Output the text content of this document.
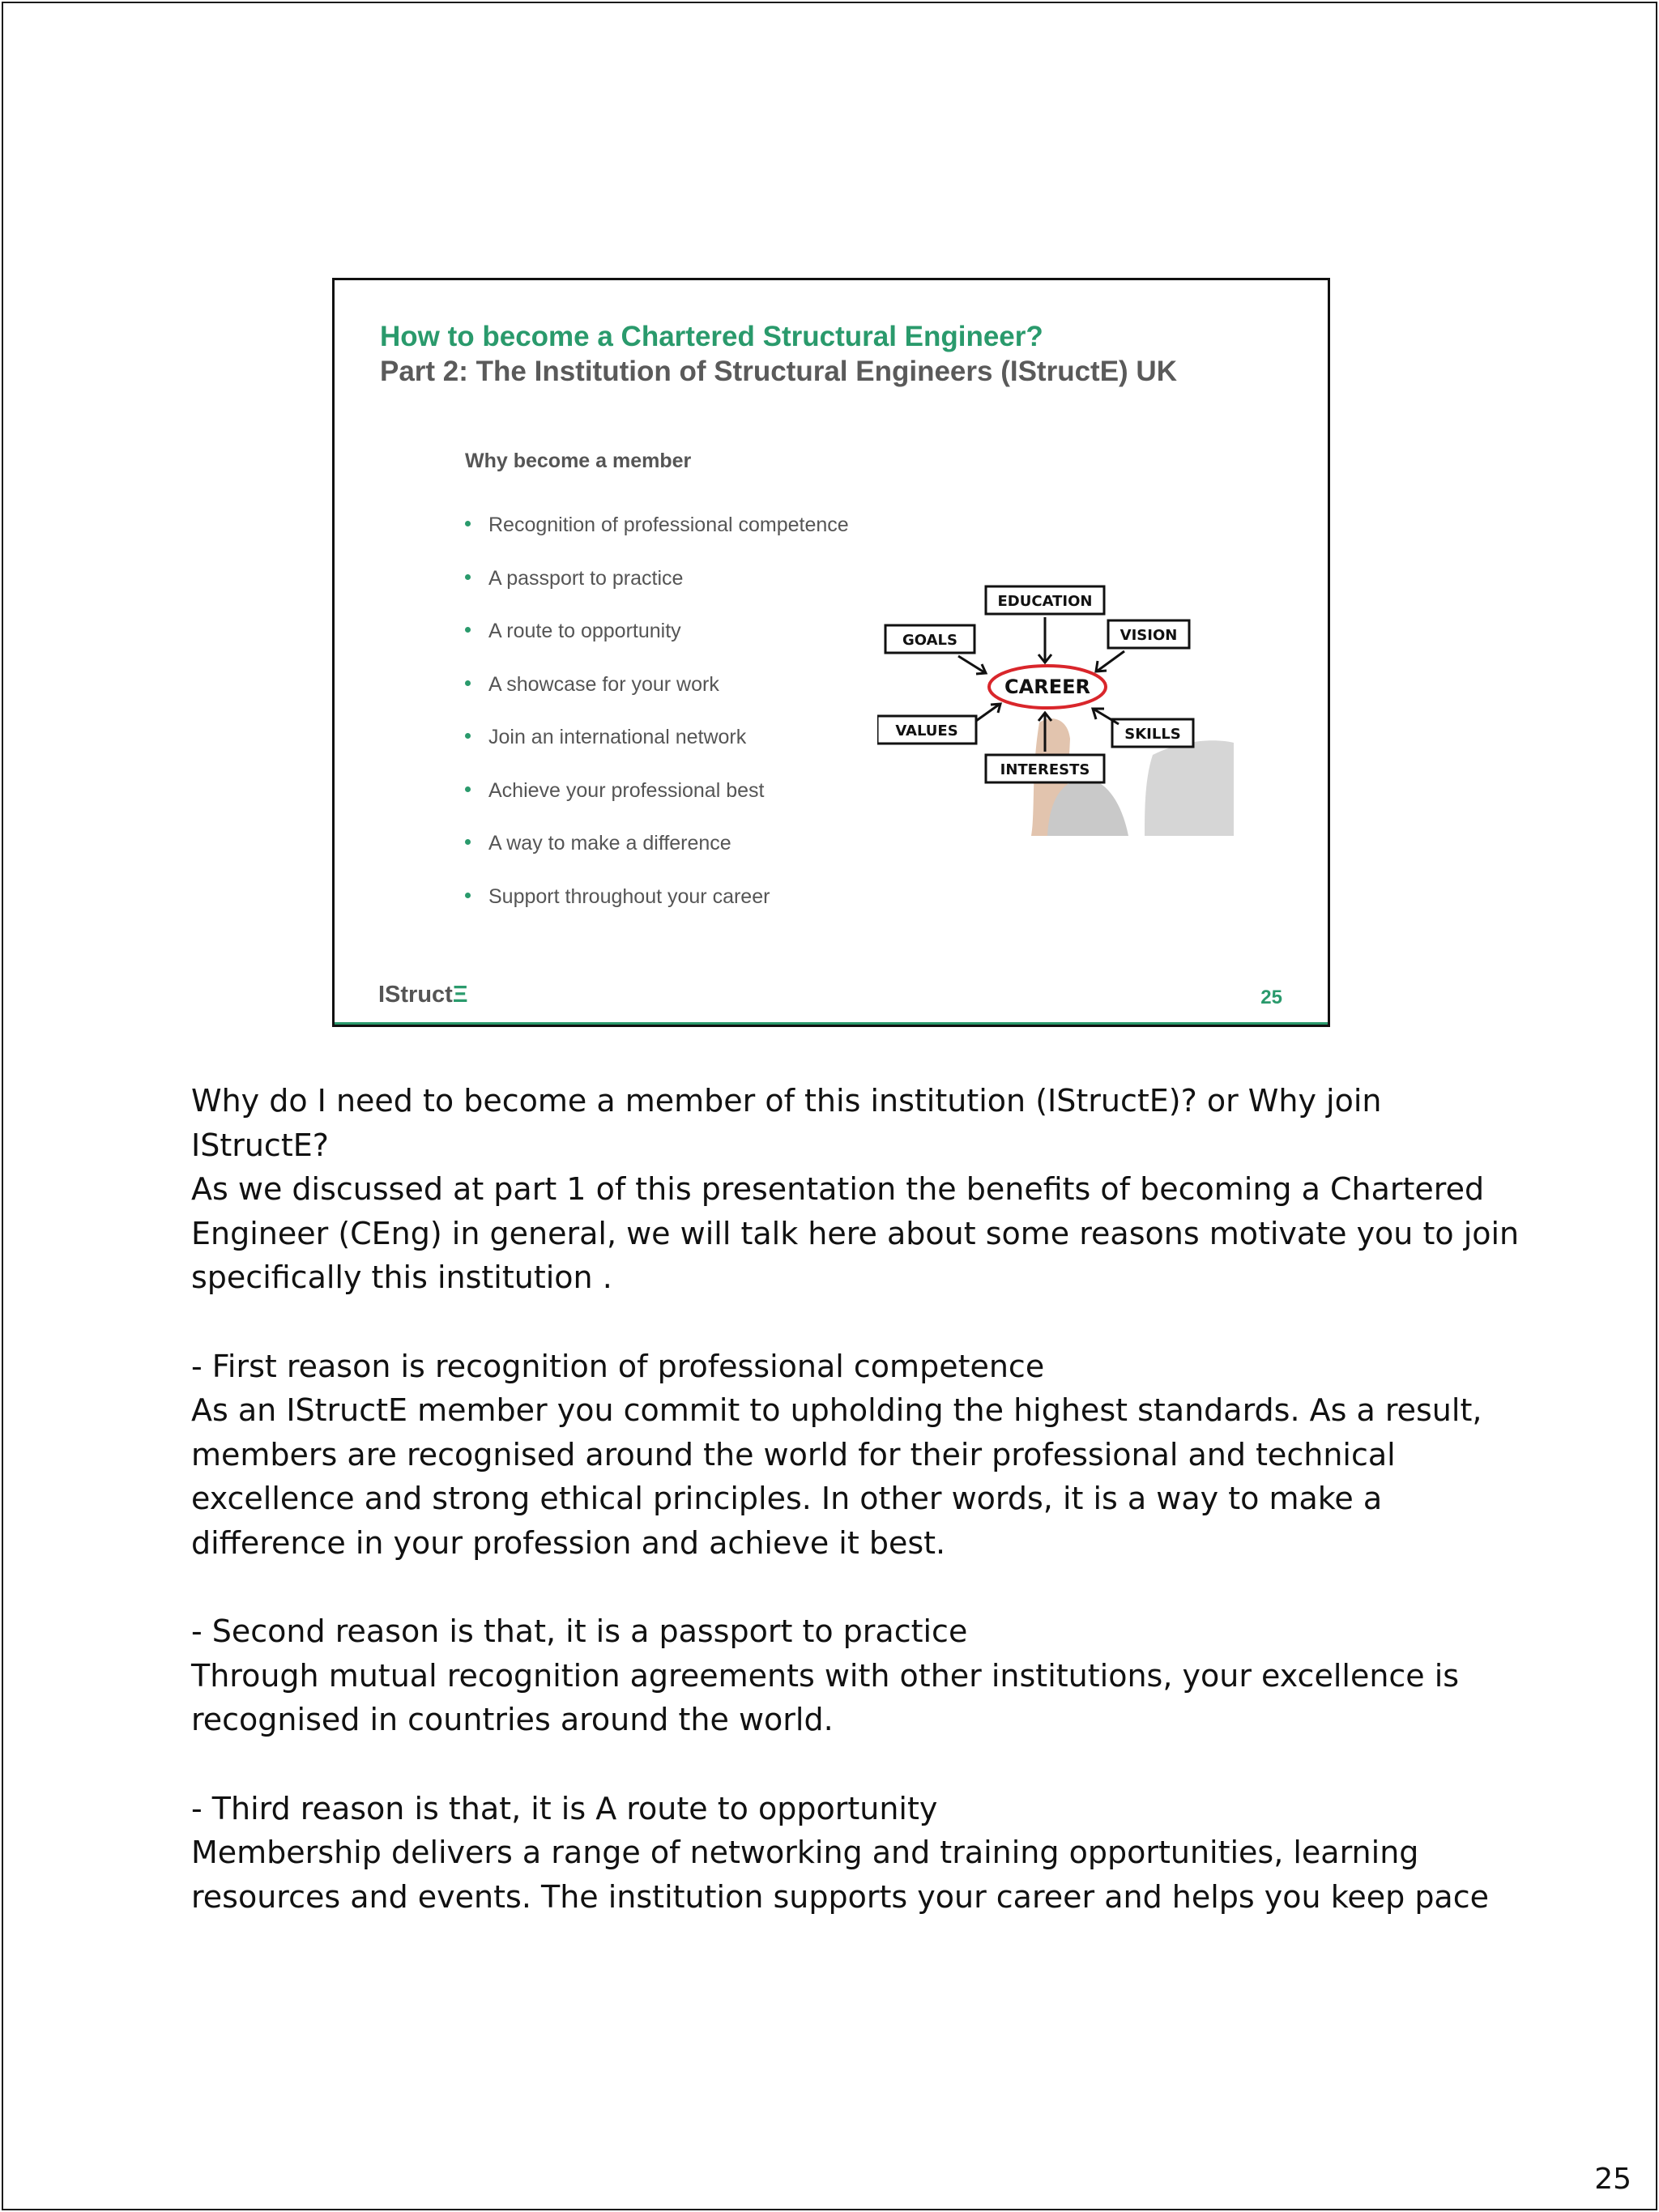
How to become a Chartered Structural Engineer?
Part 2: The Institution of Structural Engineers (IStructE) UK
Why become a member
Recognition of professional competence
A passport to practice
A route to opportunity
A showcase for your work
Join an international network
Achieve your professional best
A way to make a difference
Support throughout your career
EDUCATION
GOALS	VISION
VALUES	SKILLS
INTERESTS
CAREER
IStructΞ	25

Why do I need to become a member of this institution (IStructE)? or Why join IStructE?

As we discussed at part 1 of this presentation the benefits of becoming a Chartered Engineer (CEng) in general, we will talk here about some reasons motivate you to join specifically this institution .

- First reason is recognition of professional competence

As an IStructE member you commit to upholding the highest standards. As a result, members are recognised around the world for their professional and technical excellence and strong ethical principles. In other words, it is a way to make a difference in your profession and achieve it best.

- Second reason is that, it is a passport to practice

Through mutual recognition agreements with other institutions, your excellence is recognised in countries around the world.

- Third reason is that, it is A route to opportunity

Membership delivers a range of networking and training opportunities, learning resources and events. The institution supports your career and helps you keep pace

25
